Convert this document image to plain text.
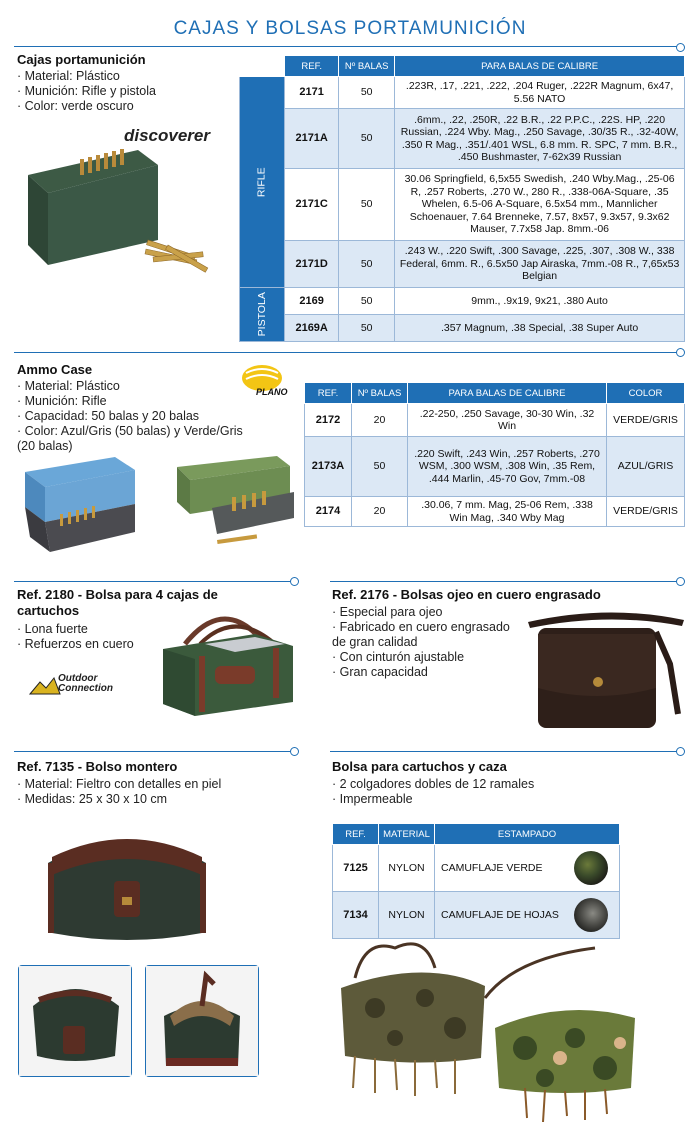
CAJAS Y BOLSAS PORTAMUNICIÓN
Cajas portamunición
· Material: Plástico
· Munición: Rifle y pistola
· Color: verde oscuro
discoverer
	REF.	Nº BALAS	PARA BALAS DE CALIBRE
RIFLE	2171	50	.223R, .17, .221, .222, .204 Ruger, .222R Magnum, 6x47, 5.56 NATO
	2171A	50	.6mm., .22, .250R, .22 B.R., .22 P.P.C., .22S. HP, .220 Russian, .224 Wby. Mag., .250 Savage, .30/35 R., .32-40W, .350 R Mag., .351/.401 WSL, 6.8 mm. R. SPC, 7 mm. B.R., .450 Bushmaster, 7-62x39 Russian
	2171C	50	30.06 Springfield, 6,5x55 Swedish, .240 Wby.Mag., .25-06 R, .257 Roberts, .270 W., 280 R., .338-06A-Square, .35 Whelen, 6.5-06 A-Square, 6.5x54 mm., Mannlicher Schoenauer, 7.64 Brenneke, 7.57, 8x57, 9.3x57, 9.3x62 Mauser, 7.7x58 Jap. 8mm.-06
	2171D	50	.243 W., .220 Swift, .300 Savage, .225, .307, .308 W., 338 Federal, 6mm. R., 6.5x50 Jap Airaska, 7mm.-08 R., 7,65x53 Belgian
PISTOLA	2169	50	9mm., .9x19, 9x21, .380 Auto
	2169A	50	.357 Magnum, .38 Special, .38 Super Auto
Ammo Case
· Material: Plástico
· Munición: Rifle
· Capacidad: 50 balas y 20 balas
· Color: Azul/Gris (50 balas) y Verde/Gris
(20 balas)
PLANO	REF.	Nº BALAS	PARA BALAS DE CALIBRE	COLOR
2172	20	.22-250, .250 Savage, 30-30 Win, .32 Win	VERDE/GRIS
2173A	50	.220 Swift, .243 Win, .257 Roberts, .270 WSM, .300 WSM, .308 Win, .35 Rem, .444 Marlin, .45-70 Gov, 7mm.-08	AZUL/GRIS
2174	20	.30.06, 7 mm. Mag, 25-06 Rem, .338 Win Mag, .340 Wby Mag	VERDE/GRIS
Ref. 2180 - Bolsa para 4 cajas de
cartuchos
· Lona fuerte
· Refuerzos en cuero
Outdoor
Connection
Ref. 2176 - Bolsas ojeo en cuero engrasado
· Especial para ojeo
· Fabricado en cuero engrasado
de gran calidad
· Con cinturón ajustable
· Gran capacidad
Ref. 7135 - Bolso montero
· Material: Fieltro con detalles en piel
· Medidas: 25 x 30 x 10 cm
Bolsa para cartuchos y caza
· 2 colgadores dobles de 12 ramales
· Impermeable
REF.	MATERIAL	ESTAMPADO
7125	NYLON	CAMUFLAJE VERDE
7134	NYLON	CAMUFLAJE DE HOJAS
